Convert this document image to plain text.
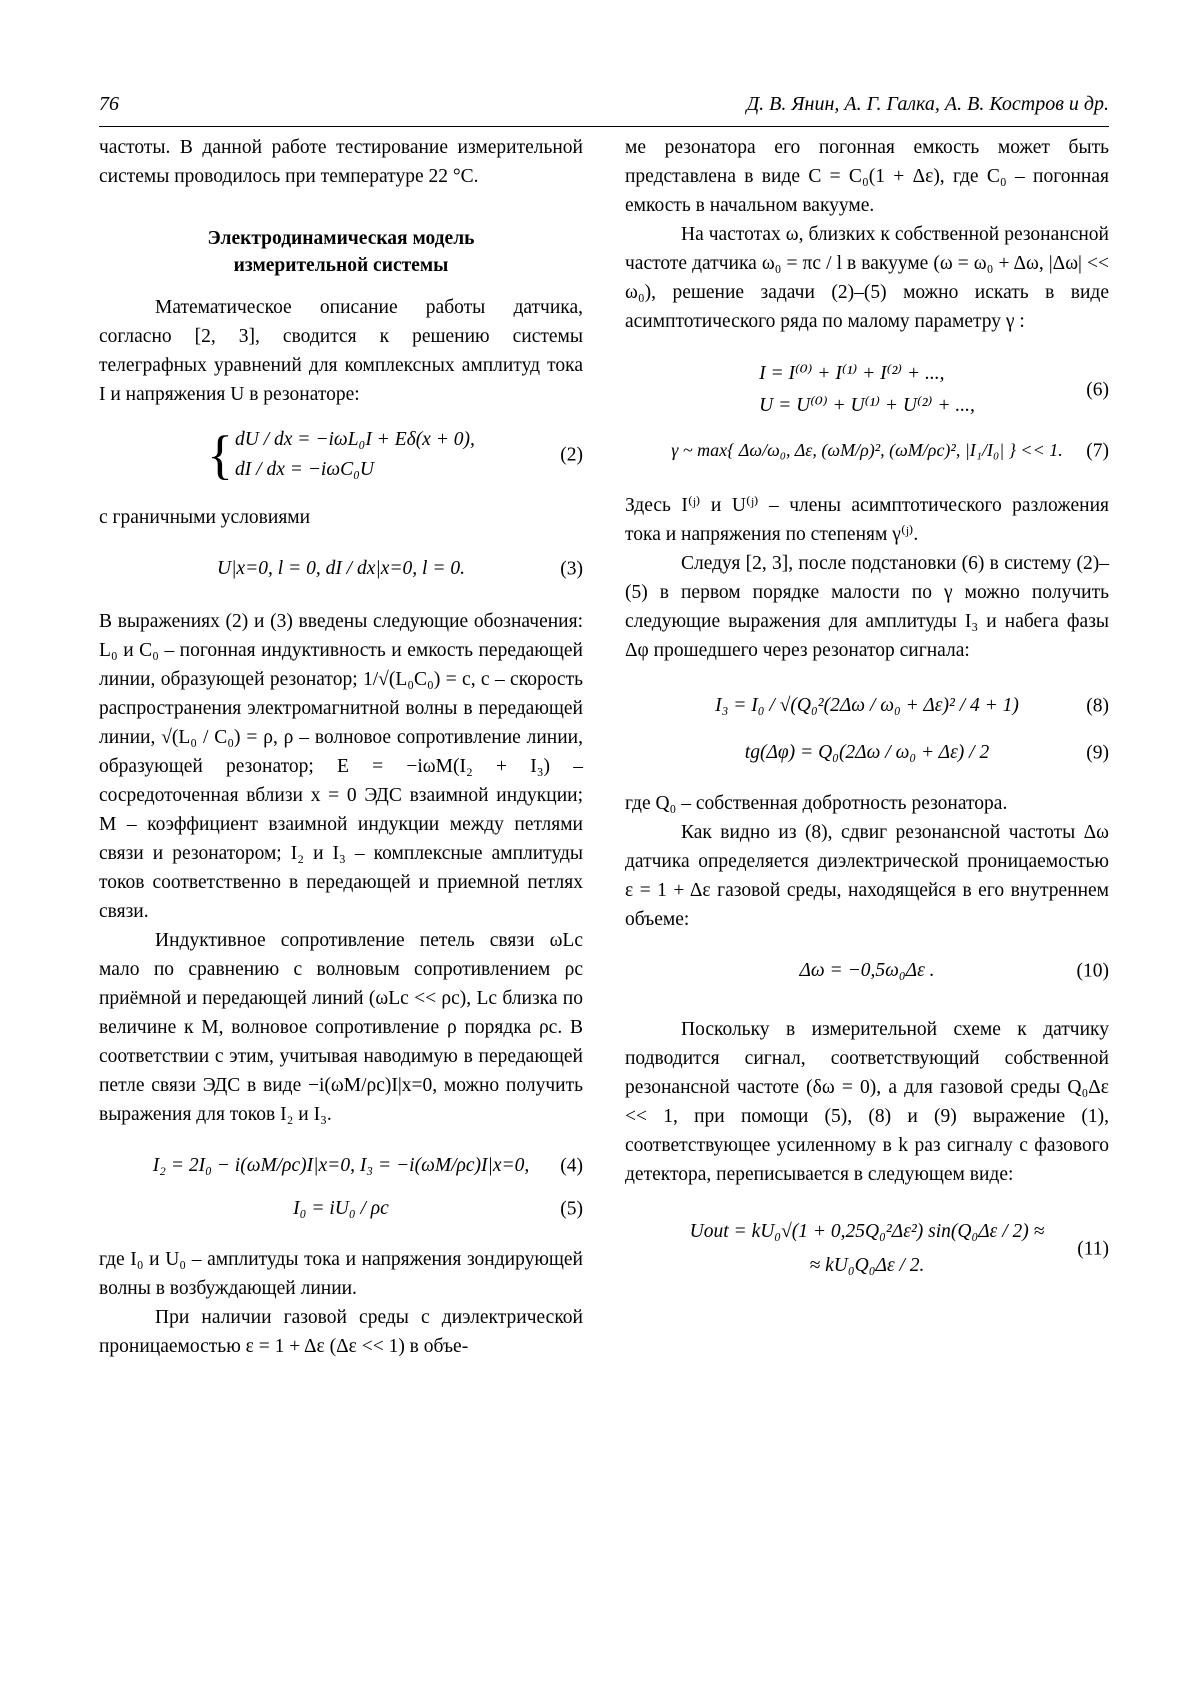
76	Д. В. Янин, А. Г. Галка, А. В. Костров и др.

частоты. В данной работе тестирование измерительной системы проводилось при температуре 22 °C.

Электродинамическая модель
измерительной системы

Математическое описание работы датчика, согласно [2, 3], сводится к решению системы телеграфных уравнений для комплексных амплитуд тока I и напряжения U в резонаторе:

{ dU / dx = −iωL₀I + Eδ(x + 0),
dI / dx = −iωC₀U
(2)

с граничными условиями

U|x=0, l = 0, dI / dx|x=0, l = 0.	(3)

В выражениях (2) и (3) введены следующие обозначения: L₀ и C₀ – погонная индуктивность и емкость передающей линии, образующей резонатор; 1/√(L₀C₀) = c, c – скорость распространения электромагнитной волны в передающей линии, √(L₀ / C₀) = ρ, ρ – волновое сопротивление линии, образующей резонатор; E = −iωM(I₂ + I₃) – сосредоточенная вблизи x = 0 ЭДС взаимной индукции; M – коэффициент взаимной индукции между петлями связи и резонатором; I₂ и I₃ – комплексные амплитуды токов соответственно в передающей и приемной петлях связи.

Индуктивное сопротивление петель связи ωLc мало по сравнению с волновым сопротивлением ρc приёмной и передающей линий (ωLc << ρc), Lc близка по величине к M, волновое сопротивление ρ порядка ρc. В соответствии с этим, учитывая наводимую в передающей петле связи ЭДС в виде −i(ωM/ρc)I|x=0, можно получить выражения для токов I₂ и I₃.

I₂ = 2I₀ − i(ωM/ρc)I|x=0, I₃ = −i(ωM/ρc)I|x=0, (4)
I₀ = iU₀ / ρc	(5)

где I₀ и U₀ – амплитуды тока и напряжения зондирующей волны в возбуждающей линии.

При наличии газовой среды с диэлектрической проницаемостью ε = 1 + Δε (Δε << 1) в объе-

ме резонатора его погонная емкость может быть представлена в виде C = C₀(1 + Δε), где C₀ – погонная емкость в начальном вакууме.

На частотах ω, близких к собственной резонансной частоте датчика ω₀ = πc / l в вакууме (ω = ω₀ + Δω, |Δω| << ω₀), решение задачи (2)–(5) можно искать в виде асимптотического ряда по малому параметру γ :

I = I⁽⁰⁾ + I⁽¹⁾ + I⁽²⁾ + ...,
U = U⁽⁰⁾ + U⁽¹⁾ + U⁽²⁾ + ...,
(6)
γ ~ max{ Δω/ω₀, Δε, (ωM/ρ)², (ωM/ρc)², |I₁/I₀| } << 1. (7)

Здесь I⁽ʲ⁾ и U⁽ʲ⁾ – члены асимптотического разложения тока и напряжения по степеням γ⁽ʲ⁾.

Следуя [2, 3], после подстановки (6) в систему (2)–(5) в первом порядке малости по γ можно получить следующие выражения для амплитуды I₃ и набега фазы Δφ прошедшего через резонатор сигнала:

I₃ = I₀ / √(Q₀²(2Δω / ω₀ + Δε)² / 4 + 1)	(8)
tg(Δφ) = Q₀(2Δω / ω₀ + Δε) / 2	(9)

где Q₀ – собственная добротность резонатора.

Как видно из (8), сдвиг резонансной частоты Δω датчика определяется диэлектрической проницаемостью ε = 1 + Δε газовой среды, находящейся в его внутреннем объеме:

Δω = −0,5ω₀Δε .	(10)

Поскольку в измерительной схеме к датчику подводится сигнал, соответствующий собственной резонансной частоте (δω = 0), а для газовой среды Q₀Δε << 1, при помощи (5), (8) и (9) выражение (1), соответствующее усиленному в k раз сигналу с фазового детектора, переписывается в следующем виде:

Uout = kU₀√(1 + 0,25Q₀²Δε²) sin(Q₀Δε / 2) ≈
≈ kU₀Q₀Δε / 2.
(11)
